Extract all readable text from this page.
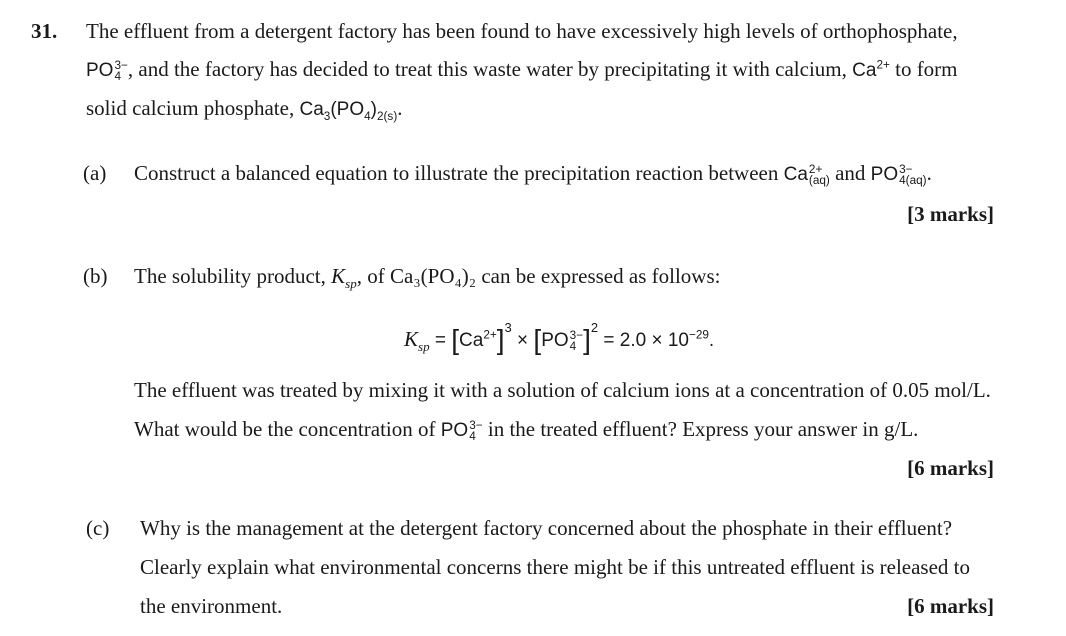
31. The effluent from a detergent factory has been found to have excessively high levels of orthophosphate,
PO 3−
4 , and the factory has decided to treat this waste water by precipitating it with calcium, $Ca^{2+}$ to form
solid calcium phosphate, $Ca_3(PO_4)_{2(s)}$.
(a) Construct a balanced equation to illustrate the precipitation reaction between Ca 2+
(aq) and PO 3−
4(aq) .
[3 marks]
(b) The solubility product, $K_{sp}$, of Ca₃(PO₄)₂ can be expressed as follows:
$K_{sp} = [Ca^{2+}]^3 \times [PO$ 3−
4 ]$^2 = 2.0 \times 10^{-29}$.
The effluent was treated by mixing it with a solution of calcium ions at a concentration of 0.05 mol/L.
What would be the concentration of PO 3−
4 in the treated effluent? Express your answer in g/L.
[6 marks]
(c) Why is the management at the detergent factory concerned about the phosphate in their effluent?
Clearly explain what environmental concerns there might be if this untreated effluent is released to
the environment.	[6 marks]
